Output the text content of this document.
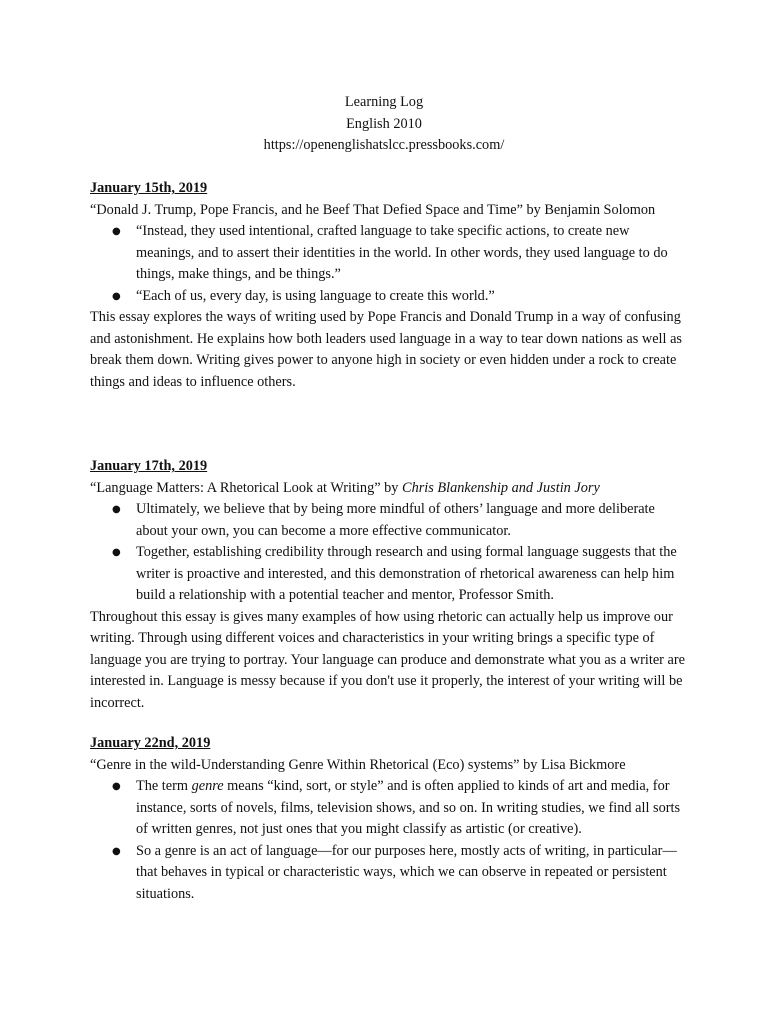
Learning Log
English 2010
https://openenglishatslcc.pressbooks.com/
January 15th, 2019
“Donald J. Trump, Pope Francis, and he Beef That Defied Space and Time” by Benjamin Solomon
● “Instead, they used intentional, crafted language to take specific actions, to create new meanings, and to assert their identities in the world. In other words, they used language to do things, make things, and be things.”
● “Each of us, every day, is using language to create this world.”
This essay explores the ways of writing used by Pope Francis and Donald Trump in a way of confusing and astonishment. He explains how both leaders used language in a way to tear down nations as well as break them down. Writing gives power to anyone high in society or even hidden under a rock to create things and ideas to influence others.
January 17th, 2019
“Language Matters: A Rhetorical Look at Writing” by Chris Blankenship and Justin Jory
● Ultimately, we believe that by being more mindful of others’ language and more deliberate about your own, you can become a more effective communicator.
● Together, establishing credibility through research and using formal language suggests that the writer is proactive and interested, and this demonstration of rhetorical awareness can help him build a relationship with a potential teacher and mentor, Professor Smith.
Throughout this essay is gives many examples of how using rhetoric can actually help us improve our writing. Through using different voices and characteristics in your writing brings a specific type of language you are trying to portray. Your language can produce and demonstrate what you as a writer are interested in. Language is messy because if you don't use it properly, the interest of your writing will be incorrect.
January 22nd, 2019
“Genre in the wild-Understanding Genre Within Rhetorical (Eco) systems” by Lisa Bickmore
● The term genre means “kind, sort, or style” and is often applied to kinds of art and media, for instance, sorts of novels, films, television shows, and so on. In writing studies, we find all sorts of written genres, not just ones that you might classify as artistic (or creative).
● So a genre is an act of language—for our purposes here, mostly acts of writing, in particular—that behaves in typical or characteristic ways, which we can observe in repeated or persistent situations.
